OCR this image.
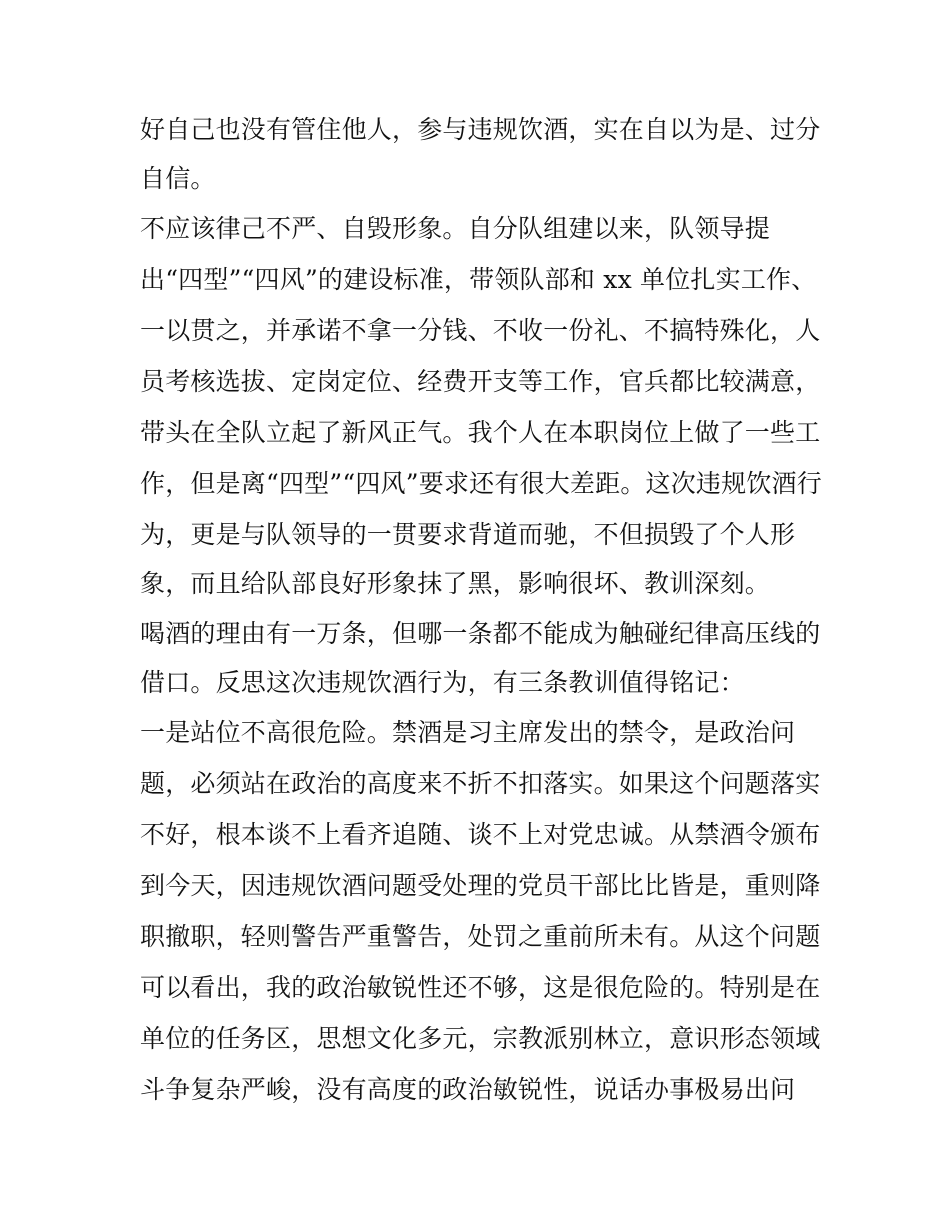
好自己也没有管住他人，参与违规饮酒，实在自以为是、过分
自信。
不应该律己不严、自毁形象。自分队组建以来，队领导提
出“四型”“四风”的建设标准，带领队部和 xx 单位扎实工作、
一以贯之，并承诺不拿一分钱、不收一份礼、不搞特殊化，人
员考核选拔、定岗定位、经费开支等工作，官兵都比较满意，
带头在全队立起了新风正气。我个人在本职岗位上做了一些工
作，但是离“四型”“四风”要求还有很大差距。这次违规饮酒行
为，更是与队领导的一贯要求背道而驰，不但损毁了个人形
象，而且给队部良好形象抹了黑，影响很坏、教训深刻。
喝酒的理由有一万条，但哪一条都不能成为触碰纪律高压线的
借口。反思这次违规饮酒行为，有三条教训值得铭记：
一是站位不高很危险。禁酒是习主席发出的禁令，是政治问
题，必须站在政治的高度来不折不扣落实。如果这个问题落实
不好，根本谈不上看齐追随、谈不上对党忠诚。从禁酒令颁布
到今天，因违规饮酒问题受处理的党员干部比比皆是，重则降
职撤职，轻则警告严重警告，处罚之重前所未有。从这个问题
可以看出，我的政治敏锐性还不够，这是很危险的。特别是在
单位的任务区，思想文化多元，宗教派别林立，意识形态领域
斗争复杂严峻，没有高度的政治敏锐性，说话办事极易出问
